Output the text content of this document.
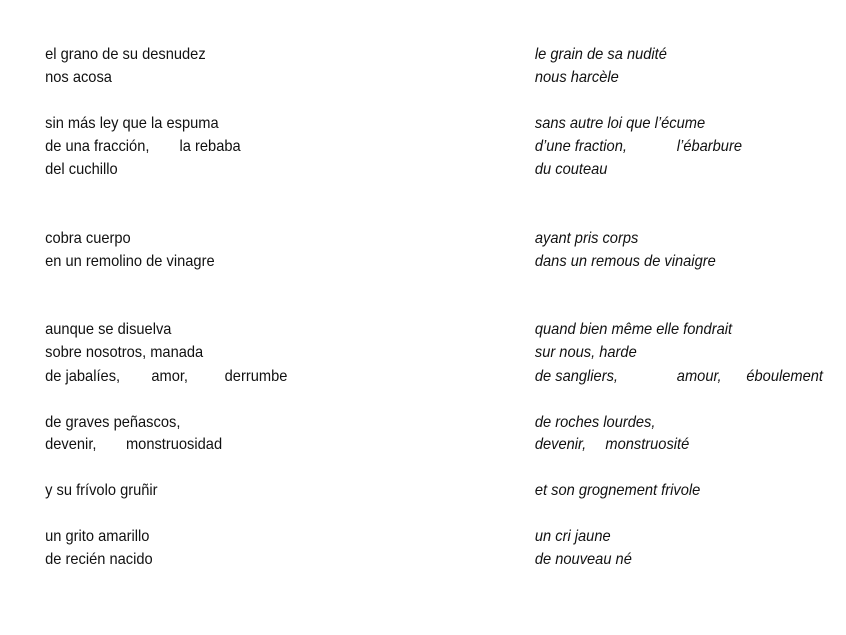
el grano de su desnudez

nos acosa

sin más ley que la espuma

de una fracción,

la rebaba

del cuchillo

cobra cuerpo

en un remolino de vinagre

aunque se disuelva

sobre nosotros, manada

de jabalíes,

amor,

derrumbe

de graves peñascos,

devenir,

monstruosidad

y su frívolo gruñir

un grito amarillo

de recién nacido

le grain de sa nudité

nous harcèle

sans autre loi que l’écume

d’une fraction,

	l’ébarbure

du couteau

ayant pris corps

dans un remous de vinaigre

quand bien même elle fondrait

sur nous, harde

de sangliers,

	amour,

éboulement

de roches lourdes,

devenir,

monstruosité

et son grognement frivole

un cri jaune

de nouveau né
